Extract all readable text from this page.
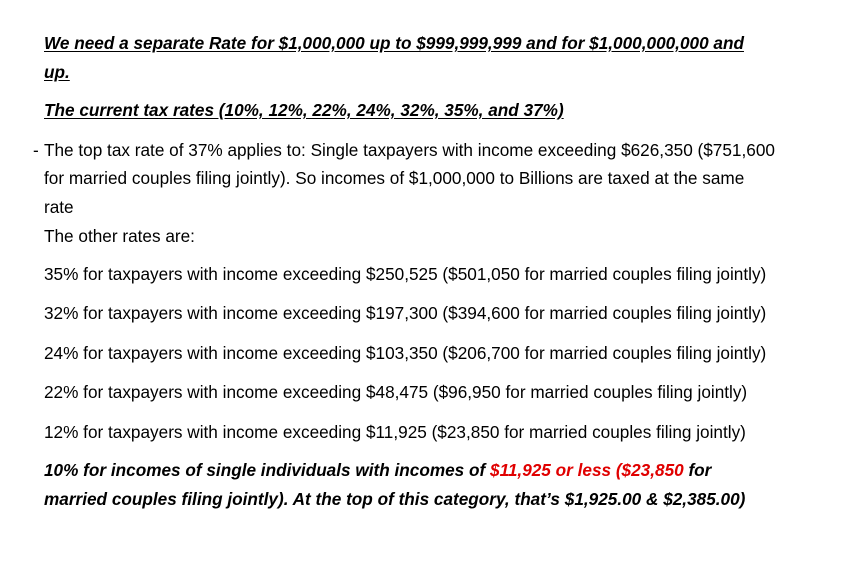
We need a separate Rate for $1,000,000 up to $999,999,999 and for $1,000,000,000 and
up.
The current tax rates (10%, 12%, 22%, 24%, 32%, 35%, and 37%)
- The top tax rate of 37% applies to: Single taxpayers with income exceeding $626,350 ($751,600
for married couples filing jointly). So incomes of $1,000,000 to Billions are taxed at the same
rate
The other rates are:
35% for taxpayers with income exceeding $250,525 ($501,050 for married couples filing jointly)
32% for taxpayers with income exceeding $197,300 ($394,600 for married couples filing jointly)
24% for taxpayers with income exceeding $103,350 ($206,700 for married couples filing jointly)
22% for taxpayers with income exceeding $48,475 ($96,950 for married couples filing jointly)
12% for taxpayers with income exceeding $11,925 ($23,850 for married couples filing jointly)
10% for incomes of single individuals with incomes of $11,925 or less ($23,850 for
married couples filing jointly). At the top of this category, that’s $1,925.00 & $2,385.00)
